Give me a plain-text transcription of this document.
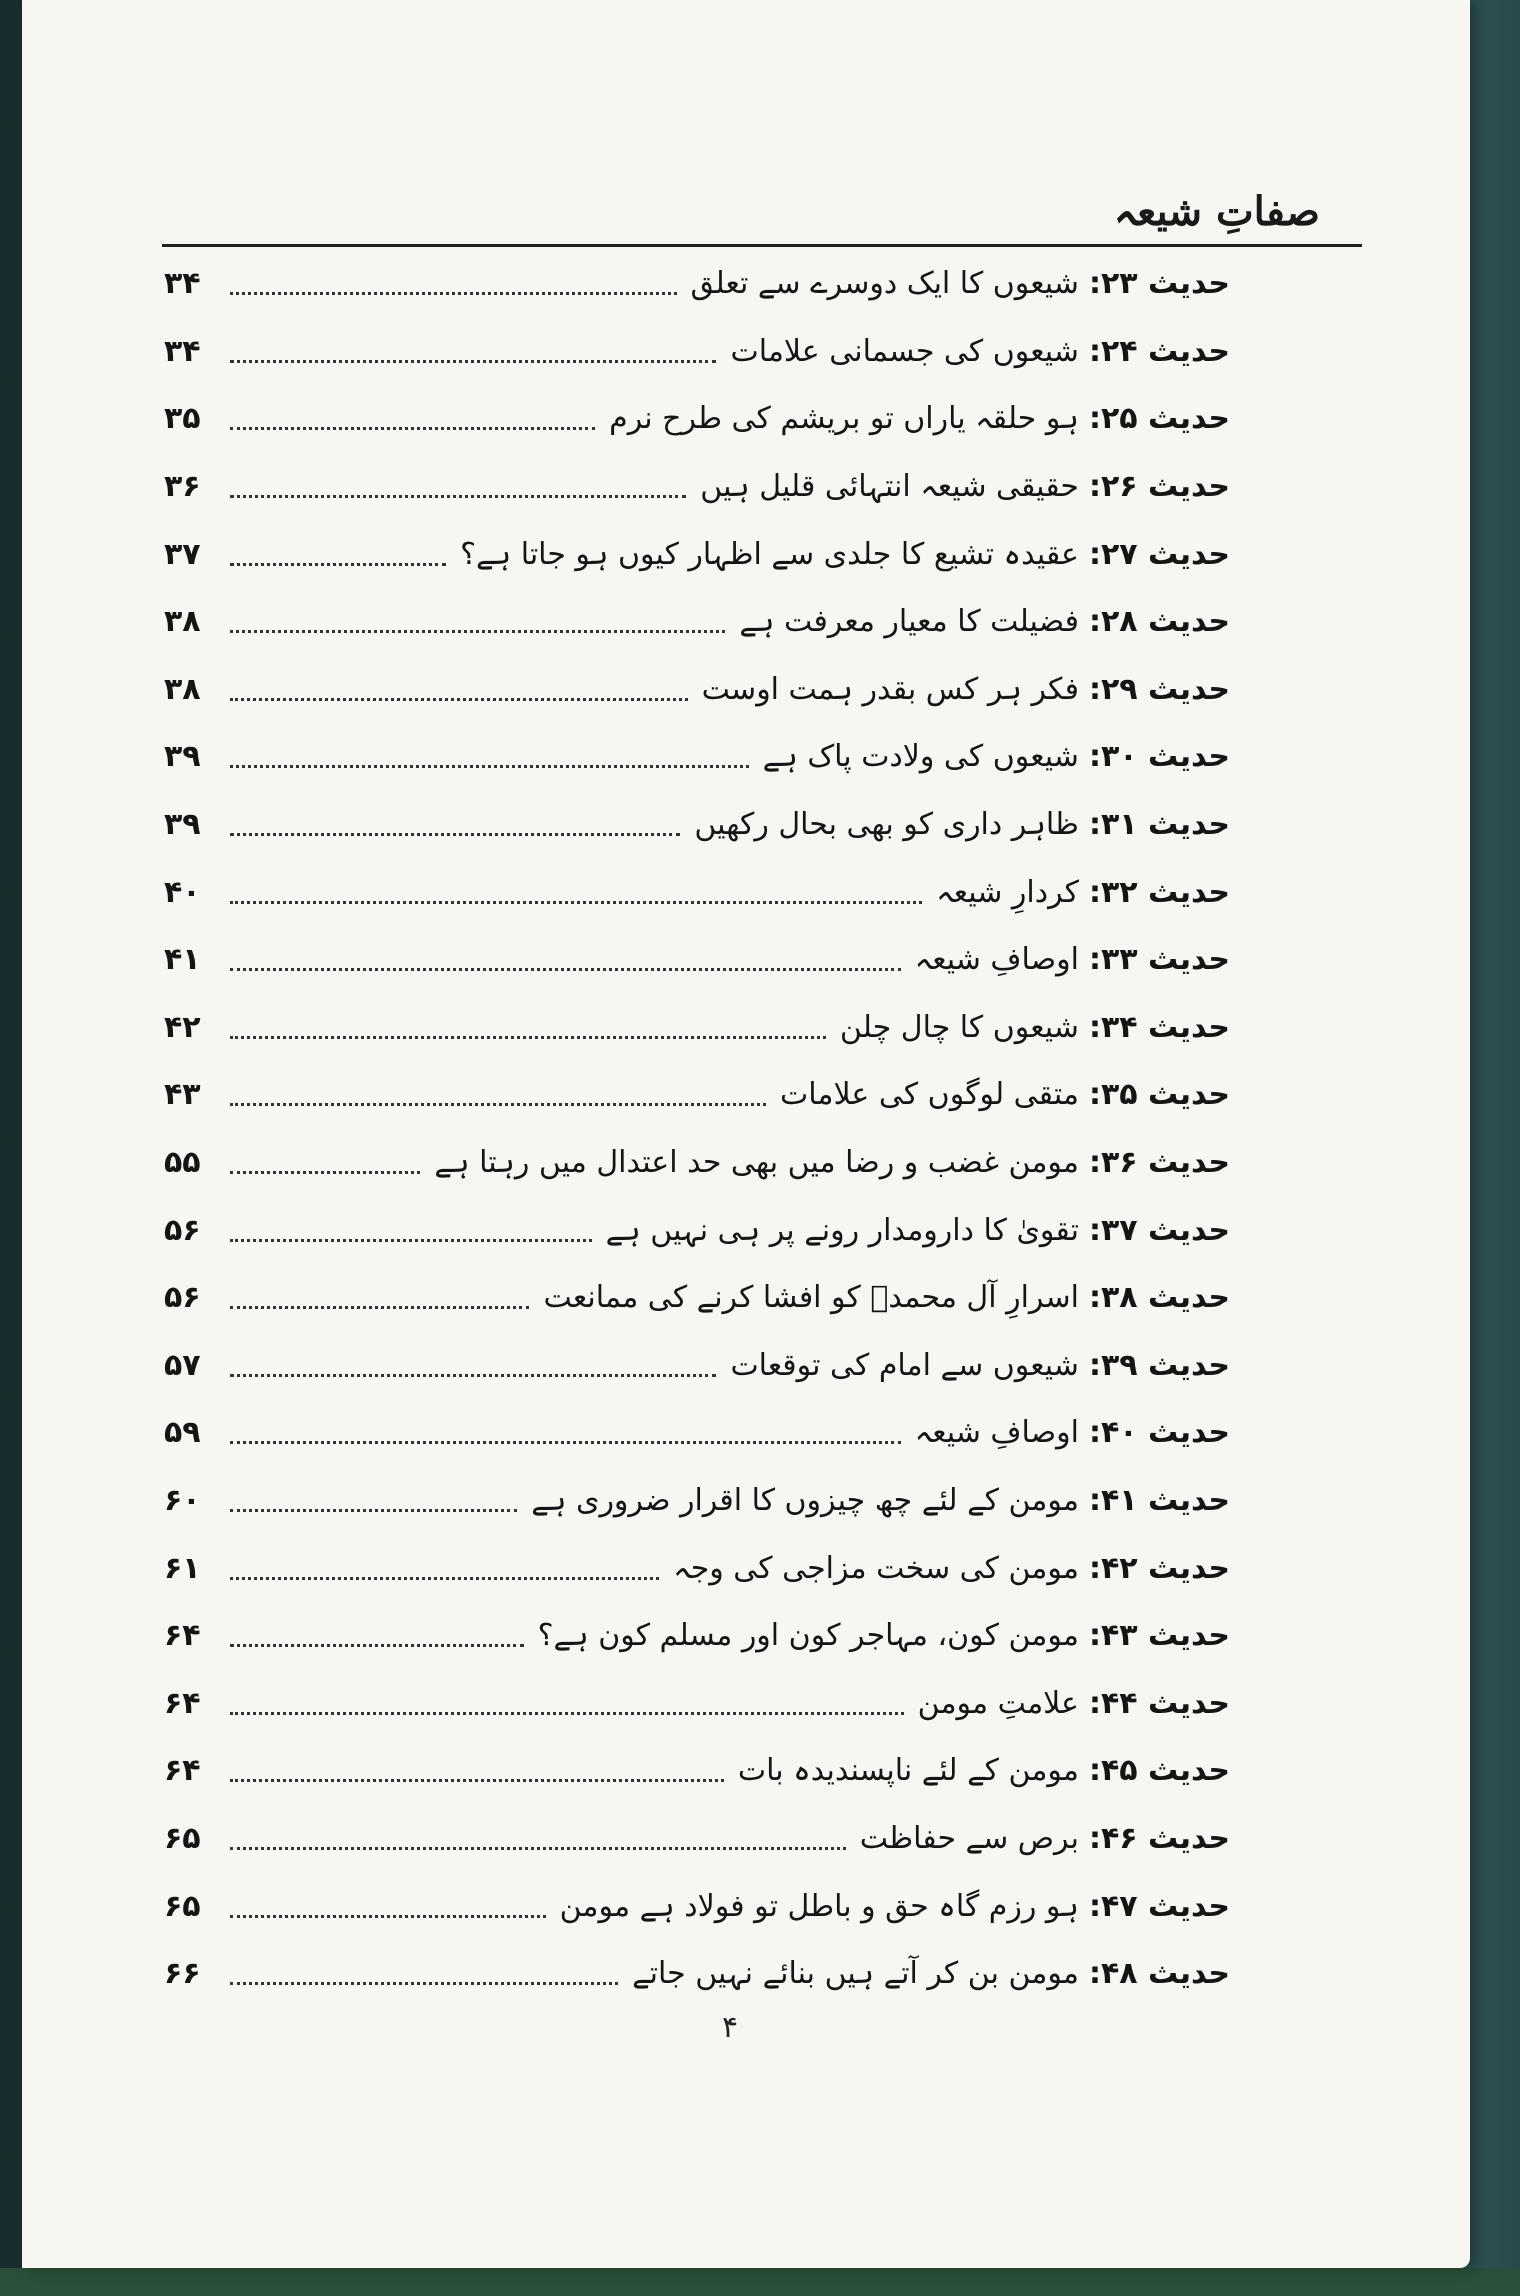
صفاتِ شیعہ
حدیث ۲۳:
شیعوں کا ایک دوسرے سے تعلق
۳۴
حدیث ۲۴:
شیعوں کی جسمانی علامات
۳۴
حدیث ۲۵:
ہو حلقہ یاراں تو بریشم کی طرح نرم
۳۵
حدیث ۲۶:
حقیقی شیعہ انتہائی قلیل ہیں
۳۶
حدیث ۲۷:
عقیدہ تشیع کا جلدی سے اظہار کیوں ہو جاتا ہے؟
۳۷
حدیث ۲۸:
فضیلت کا معیار معرفت ہے
۳۸
حدیث ۲۹:
فکر ہر کس بقدر ہمت اوست
۳۸
حدیث ۳۰:
شیعوں کی ولادت پاک ہے
۳۹
حدیث ۳۱:
ظاہر داری کو بھی بحال رکھیں
۳۹
حدیث ۳۲:
کردارِ شیعہ
۴۰
حدیث ۳۳:
اوصافِ شیعہ
۴۱
حدیث ۳۴:
شیعوں کا چال چلن
۴۲
حدیث ۳۵:
متقی لوگوں کی علامات
۴۳
حدیث ۳۶:
مومن غضب و رضا میں بھی حد اعتدال میں رہتا ہے
۵۵
حدیث ۳۷:
تقویٰ کا دارومدار رونے پر ہی نہیں ہے
۵۶
حدیث ۳۸:
اسرارِ آل محمدؐ کو افشا کرنے کی ممانعت
۵۶
حدیث ۳۹:
شیعوں سے امام کی توقعات
۵۷
حدیث ۴۰:
اوصافِ شیعہ
۵۹
حدیث ۴۱:
مومن کے لئے چھ چیزوں کا اقرار ضروری ہے
۶۰
حدیث ۴۲:
مومن کی سخت مزاجی کی وجہ
۶۱
حدیث ۴۳:
مومن کون، مہاجر کون اور مسلم کون ہے؟
۶۴
حدیث ۴۴:
علامتِ مومن
۶۴
حدیث ۴۵:
مومن کے لئے ناپسندیدہ بات
۶۴
حدیث ۴۶:
برص سے حفاظت
۶۵
حدیث ۴۷:
ہو رزم گاہ حق و باطل تو فولاد ہے مومن
۶۵
حدیث ۴۸:
مومن بن کر آتے ہیں بنائے نہیں جاتے
۶۶
۴
